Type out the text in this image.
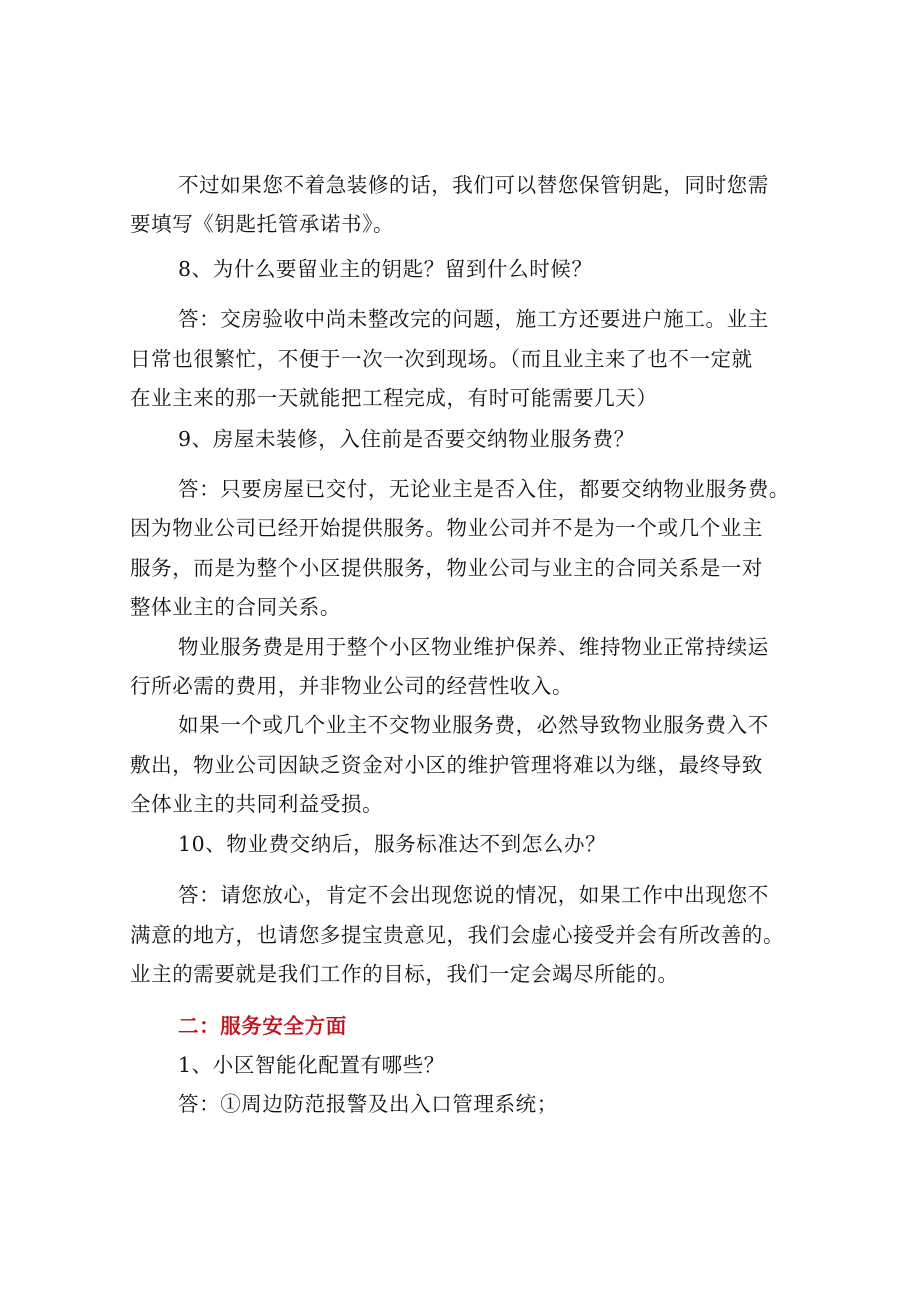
不过如果您不着急装修的话，我们可以替您保管钥匙，同时您需
要填写《钥匙托管承诺书》。
8、为什么要留业主的钥匙？留到什么时候？
答：交房验收中尚未整改完的问题，施工方还要进户施工。业主
日常也很繁忙，不便于一次一次到现场。（而且业主来了也不一定就
在业主来的那一天就能把工程完成，有时可能需要几天）
9、房屋未装修，入住前是否要交纳物业服务费？
答：只要房屋已交付，无论业主是否入住，都要交纳物业服务费。
因为物业公司已经开始提供服务。物业公司并不是为一个或几个业主
服务，而是为整个小区提供服务，物业公司与业主的合同关系是一对
整体业主的合同关系。
物业服务费是用于整个小区物业维护保养、维持物业正常持续运
行所必需的费用，并非物业公司的经营性收入。
如果一个或几个业主不交物业服务费，必然导致物业服务费入不
敷出，物业公司因缺乏资金对小区的维护管理将难以为继，最终导致
全体业主的共同利益受损。
10、物业费交纳后，服务标准达不到怎么办？
答：请您放心，肯定不会出现您说的情况，如果工作中出现您不
满意的地方，也请您多提宝贵意见，我们会虚心接受并会有所改善的。
业主的需要就是我们工作的目标，我们一定会竭尽所能的。
二：服务安全方面
1、小区智能化配置有哪些？
答：①周边防范报警及出入口管理系统；
